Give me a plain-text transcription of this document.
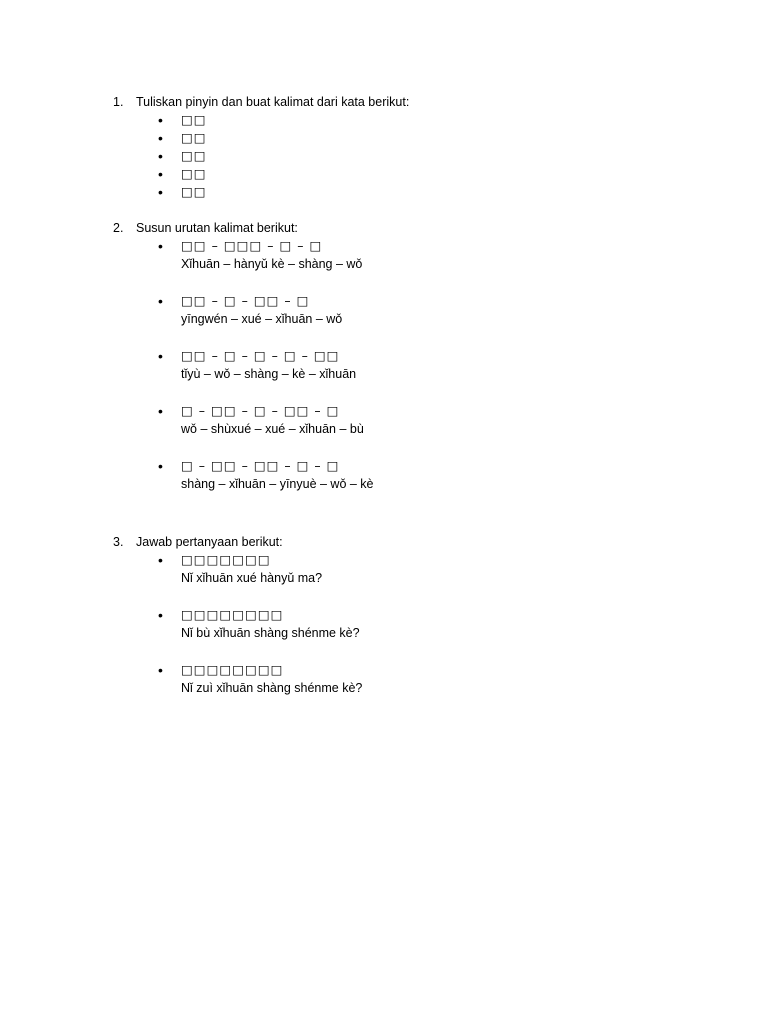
1. Tuliskan pinyin dan buat kalimat dari kata berikut:
• □□
• □□
• □□
• □□
• □□
2. Susun urutan kalimat berikut:
• □□ – □□□ – □ – □
Xǐhuān – hànyǔ kè – shàng – wǒ
• □□ – □ – □□ – □
yīngwén – xué – xǐhuān – wǒ
• □□ – □ – □ – □ – □□
tǐyù – wǒ – shàng – kè – xǐhuān
• □ – □□ – □ – □□ – □
wǒ – shùxué – xué – xǐhuān – bù
• □ – □□ – □□ – □ – □
shàng – xǐhuān – yīnyuè – wǒ – kè
3. Jawab pertanyaan berikut:
• □□□□□□□
Nǐ xǐhuān xué hànyǔ ma?
• □□□□□□□□
Nǐ bù xǐhuān shàng shénme kè?
• □□□□□□□□
Nǐ zuì xǐhuān shàng shénme kè?
